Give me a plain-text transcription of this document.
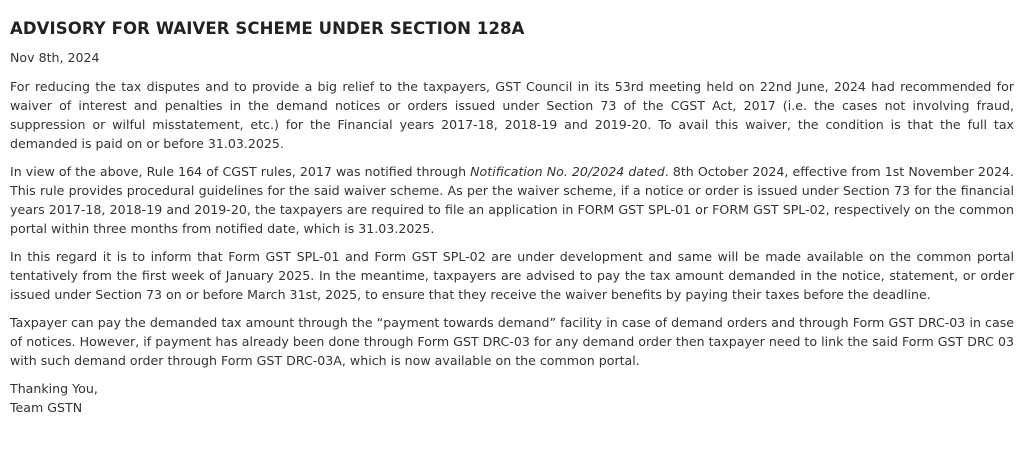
ADVISORY FOR WAIVER SCHEME UNDER SECTION 128A
Nov 8th, 2024

For reducing the tax disputes and to provide a big relief to the taxpayers, GST Council in its 53rd meeting held on 22nd June, 2024 had recommended for waiver of interest and penalties in the demand notices or orders issued under Section 73 of the CGST Act, 2017 (i.e. the cases not involving fraud, suppression or wilful misstatement, etc.) for the Financial years 2017-18, 2018-19 and 2019-20. To avail this waiver, the condition is that the full tax demanded is paid on or before 31.03.2025.

In view of the above, Rule 164 of CGST rules, 2017 was notified through Notification No. 20/2024 dated. 8th October 2024, effective from 1st November 2024. This rule provides procedural guidelines for the said waiver scheme. As per the waiver scheme, if a notice or order is issued under Section 73 for the financial years 2017-18, 2018-19 and 2019-20, the taxpayers are required to file an application in FORM GST SPL-01 or FORM GST SPL-02, respectively on the common portal within three months from notified date, which is 31.03.2025.

In this regard it is to inform that Form GST SPL-01 and Form GST SPL-02 are under development and same will be made available on the common portal tentatively from the first week of January 2025. In the meantime, taxpayers are advised to pay the tax amount demanded in the notice, statement, or order issued under Section 73 on or before March 31st, 2025, to ensure that they receive the waiver benefits by paying their taxes before the deadline.

Taxpayer can pay the demanded tax amount through the “payment towards demand” facility in case of demand orders and through Form GST DRC-03 in case of notices. However, if payment has already been done through Form GST DRC-03 for any demand order then taxpayer need to link the said Form GST DRC 03 with such demand order through Form GST DRC-03A, which is now available on the common portal.

Thanking You,

Team GSTN
